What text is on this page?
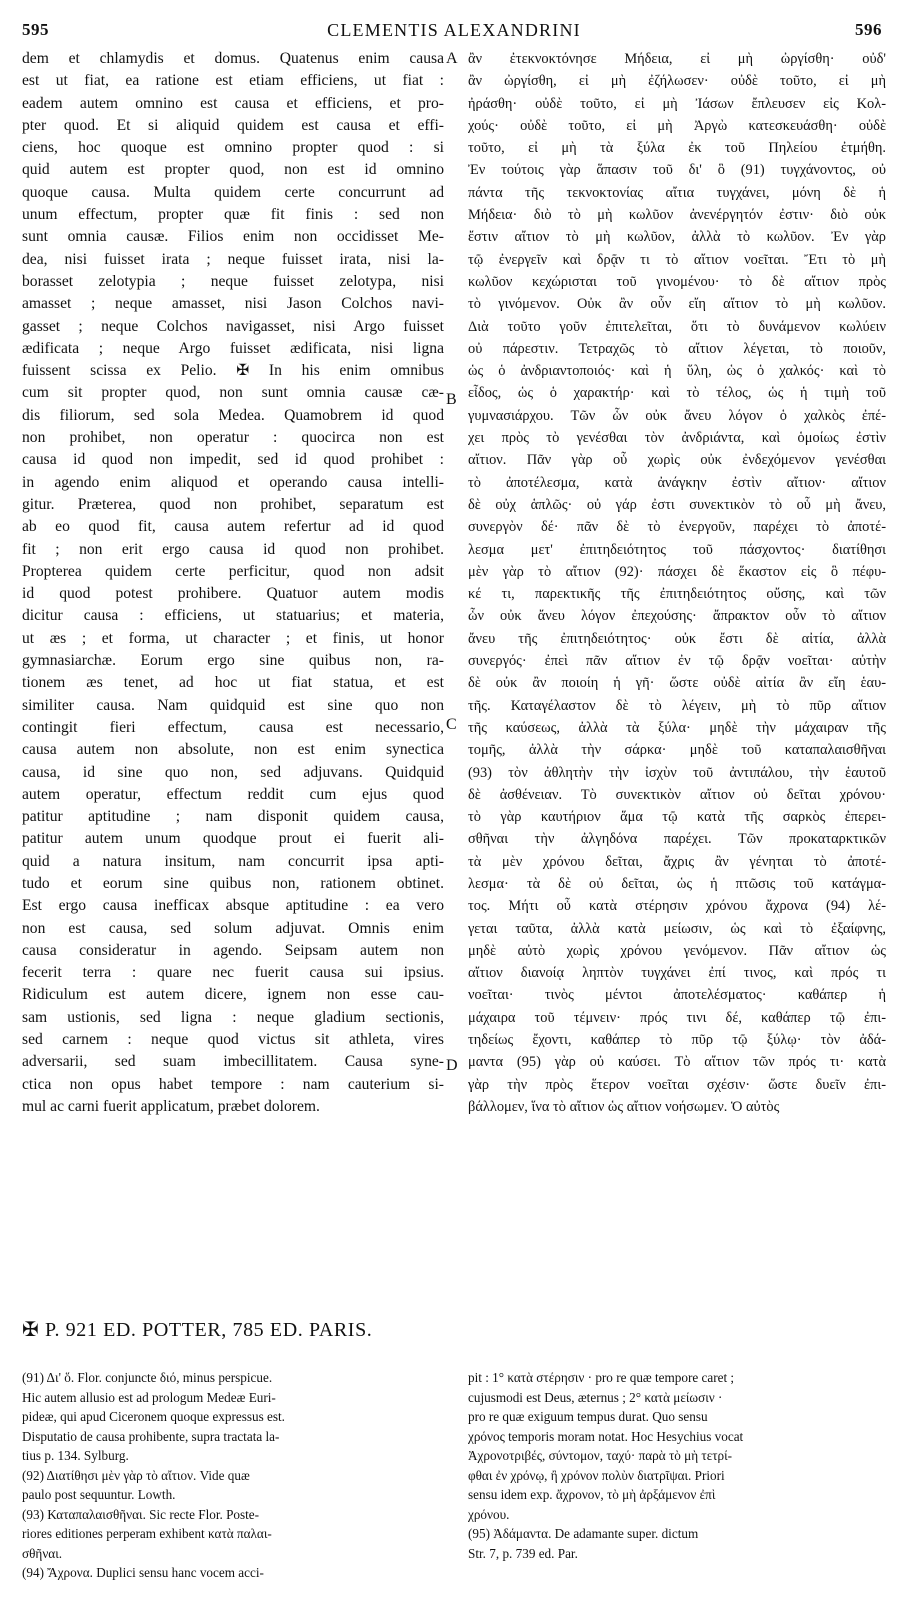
CLEMENTIS ALEXANDRINI
595	596
dem et chlamydis et domus. Quatenus enim causa
est ut fiat, ea ratione est etiam efficiens, ut fiat :
eadem autem omnino est causa et efficiens, et pro-
pter quod. Et si aliquid quidem est causa et effi-
ciens, hoc quoque est omnino propter quod : si
quid autem est propter quod, non est id omnino
quoque causa. Multa quidem certe concurrunt ad
unum effectum, propter quæ fit finis : sed non
sunt omnia causæ. Filios enim non occidisset Me-
dea, nisi fuisset irata ; neque fuisset irata, nisi la-
borasset zelotypia ; neque fuisset zelotypa, nisi
amasset ; neque amasset, nisi Jason Colchos navi-
gasset ; neque Colchos navigasset, nisi Argo fuisset
ædificata ; neque Argo fuisset ædificata, nisi ligna
fuissent scissa ex Pelio. ✠ In his enim omnibus
cum sit propter quod, non sunt omnia causæ cæ-
dis filiorum, sed sola Medea. Quamobrem id quod
non prohibet, non operatur : quocirca non est
causa id quod non impedit, sed id quod prohibet :
in agendo enim aliquod et operando causa intelli-
gitur. Præterea, quod non prohibet, separatum est
ab eo quod fit, causa autem refertur ad id quod
fit ; non erit ergo causa id quod non prohibet.
Propterea quidem certe perficitur, quod non adsit
id quod potest prohibere. Quatuor autem modis
dicitur causa : efficiens, ut statuarius; et materia,
ut æs ; et forma, ut character ; et finis, ut honor
gymnasiarchæ. Eorum ergo sine quibus non, ra-
tionem æs tenet, ad hoc ut fiat statua, et est
similiter causa. Nam quidquid est sine quo non
contingit fieri effectum, causa est necessario,
causa autem non absolute, non est enim synectica
causa, id sine quo non, sed adjuvans. Quidquid
autem operatur, effectum reddit cum ejus quod
patitur aptitudine ; nam disponit quidem causa,
patitur autem unum quodque prout ei fuerit ali-
quid a natura insitum, nam concurrit ipsa apti-
tudo et eorum sine quibus non, rationem obtinet.
Est ergo causa inefficax absque aptitudine : ea vero
non est causa, sed solum adjuvat. Omnis enim
causa consideratur in agendo. Seipsam autem non
fecerit terra : quare nec fuerit causa sui ipsius.
Ridiculum est autem dicere, ignem non esse cau-
sam ustionis, sed ligna : neque gladium sectionis,
sed carnem : neque quod victus sit athleta, vires
adversarii, sed suam imbecillitatem. Causa syne-
ctica non opus habet tempore : nam cauterium si-
mul ac carni fuerit applicatum, præbet dolorem.
ἂν ἐτεκνοκτόνησε Μήδεια, εἰ μὴ ὠργίσθη· οὐδ'
ἂν ὠργίσθη, εἰ μὴ ἐζήλωσεν· οὐδὲ τοῦτο, εἰ μὴ
ἠράσθη· οὐδὲ τοῦτο, εἰ μὴ Ἰάσων ἔπλευσεν εἰς Κολ-
χούς· οὐδὲ τοῦτο, εἰ μὴ Ἀργὼ κατεσκευάσθη· οὐδὲ
τοῦτο, εἰ μὴ τὰ ξύλα ἐκ τοῦ Πηλείου ἐτμήθη.
Ἐν τούτοις γὰρ ἅπασιν τοῦ δι' ὃ (91) τυγχάνοντος, οὐ
πάντα τῆς τεκνοκτονίας αἴτια τυγχάνει, μόνη δὲ ἡ
Μήδεια· διὸ τὸ μὴ κωλῦον ἀνενέργητόν ἐστιν· διὸ οὐκ
ἔστιν αἴτιον τὸ μὴ κωλῦον, ἀλλὰ τὸ κωλῦον. Ἐν γὰρ
τῷ ἐνεργεῖν καὶ δρᾷν τι τὸ αἴτιον νοεῖται. Ἔτι τὸ μὴ
κωλῦον κεχώρισται τοῦ γινομένου· τὸ δὲ αἴτιον πρὸς
τὸ γινόμενον. Οὐκ ἂν οὖν εἴη αἴτιον τὸ μὴ κωλῦον.
Διὰ τοῦτο γοῦν ἐπιτελεῖται, ὅτι τὸ δυνάμενον κωλύειν
οὐ πάρεστιν. Τετραχῶς τὸ αἴτιον λέγεται, τὸ ποιοῦν,
ὡς ὁ ἀνδριαντοποιός· καὶ ἡ ὕλη, ὡς ὁ χαλκός· καὶ τὸ
εἶδος, ὡς ὁ χαρακτήρ· καὶ τὸ τέλος, ὡς ἡ τιμὴ τοῦ
γυμνασιάρχου. Τῶν ὧν οὐκ ἄνευ λόγον ὁ χαλκὸς ἐπέ-
χει πρὸς τὸ γενέσθαι τὸν ἀνδριάντα, καὶ ὁμοίως ἐστὶν
αἴτιον. Πᾶν γὰρ οὗ χωρὶς οὐκ ἐνδεχόμενον γενέσθαι
τὸ ἀποτέλεσμα, κατὰ ἀνάγκην ἐστὶν αἴτιον· αἴτιον
δὲ οὐχ ἁπλῶς· οὐ γάρ ἐστι συνεκτικὸν τὸ οὗ μὴ ἄνευ,
συνεργὸν δέ· πᾶν δὲ τὸ ἐνεργοῦν, παρέχει τὸ ἀποτέ-
λεσμα μετ' ἐπιτηδειότητος τοῦ πάσχοντος· διατίθησι
μὲν γὰρ τὸ αἴτιον (92)· πάσχει δὲ ἕκαστον εἰς ὃ πέφυ-
κέ τι, παρεκτικῆς τῆς ἐπιτηδειότητος οὔσης, καὶ τῶν
ὧν οὐκ ἄνευ λόγον ἐπεχούσης· ἄπρακτον οὖν τὸ αἴτιον
ἄνευ τῆς ἐπιτηδειότητος· οὐκ ἔστι δὲ αἰτία, ἀλλὰ
συνεργός· ἐπεὶ πᾶν αἴτιον ἐν τῷ δρᾷν νοεῖται· αὐτὴν
δὲ οὐκ ἂν ποιοίη ἡ γῆ· ὥστε οὐδὲ αἰτία ἂν εἴη ἑαυ-
τῆς. Καταγέλαστον δὲ τὸ λέγειν, μὴ τὸ πῦρ αἴτιον
τῆς καύσεως, ἀλλὰ τὰ ξύλα· μηδὲ τὴν μάχαιραν τῆς
τομῆς, ἀλλὰ τὴν σάρκα· μηδὲ τοῦ καταπαλαισθῆναι
(93) τὸν ἀθλητὴν τὴν ἰσχὺν τοῦ ἀντιπάλου, τὴν ἑαυτοῦ
δὲ ἀσθένειαν. Τὸ συνεκτικὸν αἴτιον οὐ δεῖται χρόνου·
τὸ γὰρ καυτήριον ἅμα τῷ κατὰ τῆς σαρκὸς ἐπερει-
σθῆναι τὴν ἀλγηδόνα παρέχει. Τῶν προκαταρκτικῶν
τὰ μὲν χρόνου δεῖται, ἄχρις ἂν γένηται τὸ ἀποτέ-
λεσμα· τὰ δὲ οὐ δεῖται, ὡς ἡ πτῶσις τοῦ κατάγμα-
τος. Μήτι οὖ κατὰ στέρησιν χρόνου ἄχρονα (94) λέ-
γεται ταῦτα, ἀλλὰ κατὰ μείωσιν, ὡς καὶ τὸ ἐξαίφνης,
μηδὲ αὐτὸ χωρὶς χρόνου γενόμενον. Πᾶν αἴτιον ὡς
αἴτιον διανοίᾳ ληπτὸν τυγχάνει ἐπί τινος, καὶ πρός τι
νοεῖται· τινὸς μέντοι ἀποτελέσματος· καθάπερ ἡ
μάχαιρα τοῦ τέμνειν· πρός τινι δέ, καθάπερ τῷ ἐπι-
τηδείως ἔχοντι, καθάπερ τὸ πῦρ τῷ ξύλῳ· τὸν ἀδά-
μαντα (95) γὰρ οὐ καύσει. Τὸ αἴτιον τῶν πρός τι· κατὰ
γὰρ τὴν πρὸς ἕτερον νοεῖται σχέσιν· ὥστε δυεῖν ἐπι-
βάλλομεν, ἵνα τὸ αἴτιον ὡς αἴτιον νοήσωμεν. Ὁ αὐτὸς
A
B
C
D
✠ P. 921 ED. POTTER, 785 ED. PARIS.
(91) Δι' ὅ. Flor. conjuncte διό, minus perspicue.
Hic autem allusio est ad prologum Medeæ Euri-
pideæ, qui apud Ciceronem quoque expressus est.
Disputatio de causa prohibente, supra tractata la-
tius p. 134. Sylburg.
(92) Διατίθησι μὲν γὰρ τὸ αἴτιον. Vide quæ
paulo post sequuntur. Lowth.
(93) Καταπαλαισθῆναι. Sic recte Flor. Poste-
riores editiones perperam exhibent κατὰ παλαι-
σθῆναι.
(94) Ἄχρονα. Duplici sensu hanc vocem acci-
pit : 1° κατὰ στέρησιν · pro re quæ tempore caret ;
cujusmodi est Deus, æternus ; 2° κατὰ μείωσιν ·
pro re quæ exiguum tempus durat. Quo sensu
χρόνος temporis moram notat. Hoc Hesychius vocat
Ἀχρονοτριβές, σύντομον, ταχύ· παρὰ τὸ μὴ τετρί-
φθαι ἐν χρόνῳ, ἢ χρόνον πολὺν διατρῖψαι. Priori
sensu idem exp. ἄχρονον, τὸ μὴ ἀρξάμενον ἐπὶ
χρόνου.
(95) Ἀδάμαντα. De adamante super. dictum
Str. 7, p. 739 ed. Par.
